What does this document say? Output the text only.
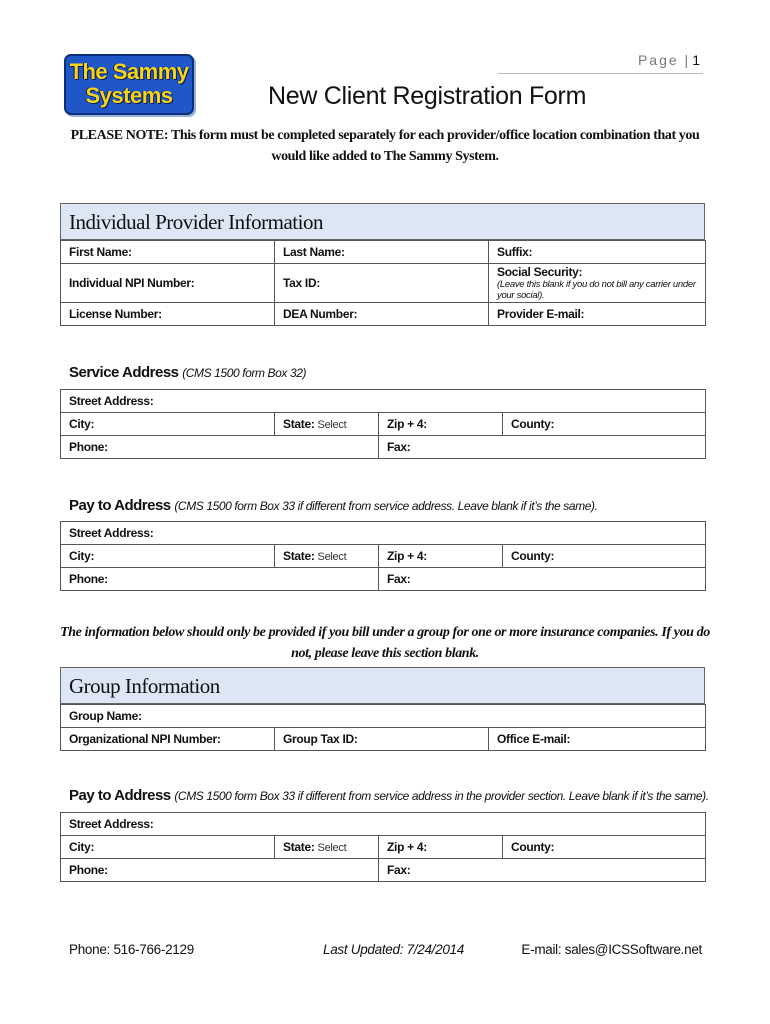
Page | 1
The Sammy
Systems	New Client Registration Form
PLEASE NOTE: This form must be completed separately for each provider/office location combination that you would like added to The Sammy System.
Individual Provider Information
First Name:	Last Name:	Suffix:
Individual NPI Number:	Tax ID:	Social Security:
(Leave this blank if you do not bill any carrier under your social).

License Number:	DEA Number:	Provider E-mail:
Service Address (CMS 1500 form Box 32)
Street Address:			
City:	State: Select	Zip + 4:	County:
Phone:		Fax:	
Pay to Address (CMS 1500 form Box 33 if different from service address. Leave blank if it’s the same).
Street Address:			
City:	State: Select	Zip + 4:	County:
Phone:		Fax:	
The information below should only be provided if you bill under a group for one or more insurance companies. If you do not, please leave this section blank.
Group Information
Group Name:
Organizational NPI Number:	Group Tax ID:	Office E-mail:
Pay to Address (CMS 1500 form Box 33 if different from service address in the provider section. Leave blank if it’s the same).
Street Address:			
City:	State: Select	Zip + 4:	County:
Phone:		Fax:	
Phone: 516-766-2129	Last Updated: 7/24/2014	E-mail: sales@ICSSoftware.net
